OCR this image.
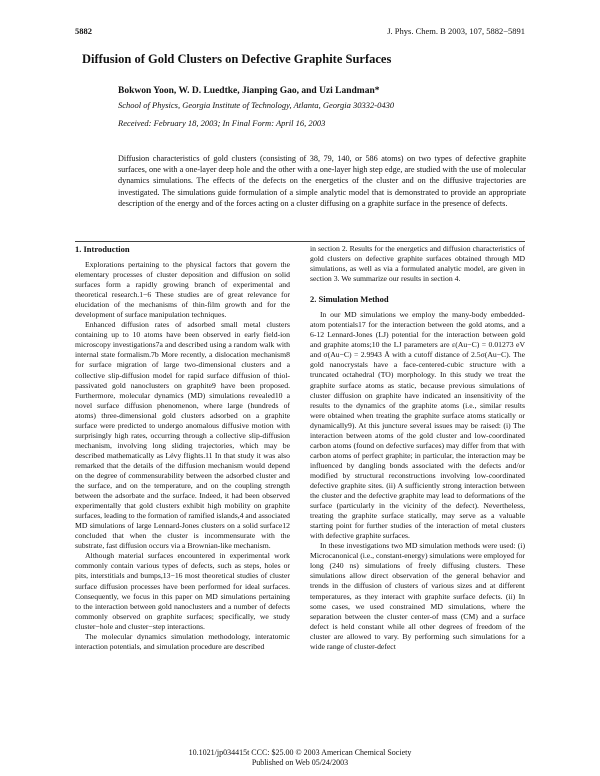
5882	J. Phys. Chem. B 2003, 107, 5882−5891
Diffusion of Gold Clusters on Defective Graphite Surfaces
Bokwon Yoon, W. D. Luedtke, Jianping Gao, and Uzi Landman*
School of Physics, Georgia Institute of Technology, Atlanta, Georgia 30332-0430
Received: February 18, 2003; In Final Form: April 16, 2003
Diffusion characteristics of gold clusters (consisting of 38, 79, 140, or 586 atoms) on two types of defective graphite surfaces, one with a one-layer deep hole and the other with a one-layer high step edge, are studied with the use of molecular dynamics simulations. The effects of the defects on the energetics of the cluster and on the diffusive trajectories are investigated. The simulations guide formulation of a simple analytic model that is demonstrated to provide an appropriate description of the energy and of the forces acting on a cluster diffusing on a graphite surface in the presence of defects.
1. Introduction

Explorations pertaining to the physical factors that govern the elementary processes of cluster deposition and diffusion on solid surfaces form a rapidly growing branch of experimental and theoretical research.1−6 These studies are of great relevance for elucidation of the mechanisms of thin-film growth and for the development of surface manipulation techniques.

Enhanced diffusion rates of adsorbed small metal clusters containing up to 10 atoms have been observed in early field-ion microscopy investigations7a and described using a random walk with internal state formalism.7b More recently, a dislocation mechanism8 for surface migration of large two-dimensional clusters and a collective slip-diffusion model for rapid surface diffusion of thiol-passivated gold nanoclusters on graphite9 have been proposed. Furthermore, molecular dynamics (MD) simulations revealed10 a novel surface diffusion phenomenon, where large (hundreds of atoms) three-dimensional gold clusters adsorbed on a graphite surface were predicted to undergo anomalous diffusive motion with surprisingly high rates, occurring through a collective slip-diffusion mechanism, involving long sliding trajectories, which may be described mathematically as Lévy flights.11 In that study it was also remarked that the details of the diffusion mechanism would depend on the degree of commensurability between the adsorbed cluster and the surface, and on the temperature, and on the coupling strength between the adsorbate and the surface. Indeed, it had been observed experimentally that gold clusters exhibit high mobility on graphite surfaces, leading to the formation of ramified islands,4 and associated MD simulations of large Lennard-Jones clusters on a solid surface12 concluded that when the cluster is incommensurate with the substrate, fast diffusion occurs via a Brownian-like mechanism.

Although material surfaces encountered in experimental work commonly contain various types of defects, such as steps, holes or pits, interstitials and bumps,13−16 most theoretical studies of cluster surface diffusion processes have been performed for ideal surfaces. Consequently, we focus in this paper on MD simulations pertaining to the interaction between gold nanoclusters and a number of defects commonly observed on graphite surfaces; specifically, we study cluster−hole and cluster−step interactions.

The molecular dynamics simulation methodology, interatomic interaction potentials, and simulation procedure are described

in section 2. Results for the energetics and diffusion characteristics of gold clusters on defective graphite surfaces obtained through MD simulations, as well as via a formulated analytic model, are given in section 3. We summarize our results in section 4.

2. Simulation Method

In our MD simulations we employ the many-body embedded-atom potentials17 for the interaction between the gold atoms, and a 6-12 Lennard-Jones (LJ) potential for the interaction between gold and graphite atoms;10 the LJ parameters are ε(Au−C) = 0.01273 eV and σ(Au−C) = 2.9943 Å with a cutoff distance of 2.5σ(Au−C). The gold nanocrystals have a face-centered-cubic structure with a truncated octahedral (TO) morphology. In this study we treat the graphite surface atoms as static, because previous simulations of cluster diffusion on graphite have indicated an insensitivity of the results to the dynamics of the graphite atoms (i.e., similar results were obtained when treating the graphite surface atoms statically or dynamically9). At this juncture several issues may be raised: (i) The interaction between atoms of the gold cluster and low-coordinated carbon atoms (found on defective surfaces) may differ from that with carbon atoms of perfect graphite; in particular, the interaction may be influenced by dangling bonds associated with the defects and/or modified by structural reconstructions involving low-coordinated defective graphite sites. (ii) A sufficiently strong interaction between the cluster and the defective graphite may lead to deformations of the surface (particularly in the vicinity of the defect). Nevertheless, treating the graphite surface statically, may serve as a valuable starting point for further studies of the interaction of metal clusters with defective graphite surfaces.

In these investigations two MD simulation methods were used: (i) Microcanonical (i.e., constant-energy) simulations were employed for long (240 ns) simulations of freely diffusing clusters. These simulations allow direct observation of the general behavior and trends in the diffusion of clusters of various sizes and at different temperatures, as they interact with graphite surface defects. (ii) In some cases, we used constrained MD simulations, where the separation between the cluster center-of mass (CM) and a surface defect is held constant while all other degrees of freedom of the cluster are allowed to vary. By performing such simulations for a wide range of cluster-defect

10.1021/jp034415t CCC: $25.00 © 2003 American Chemical Society
Published on Web 05/24/2003
